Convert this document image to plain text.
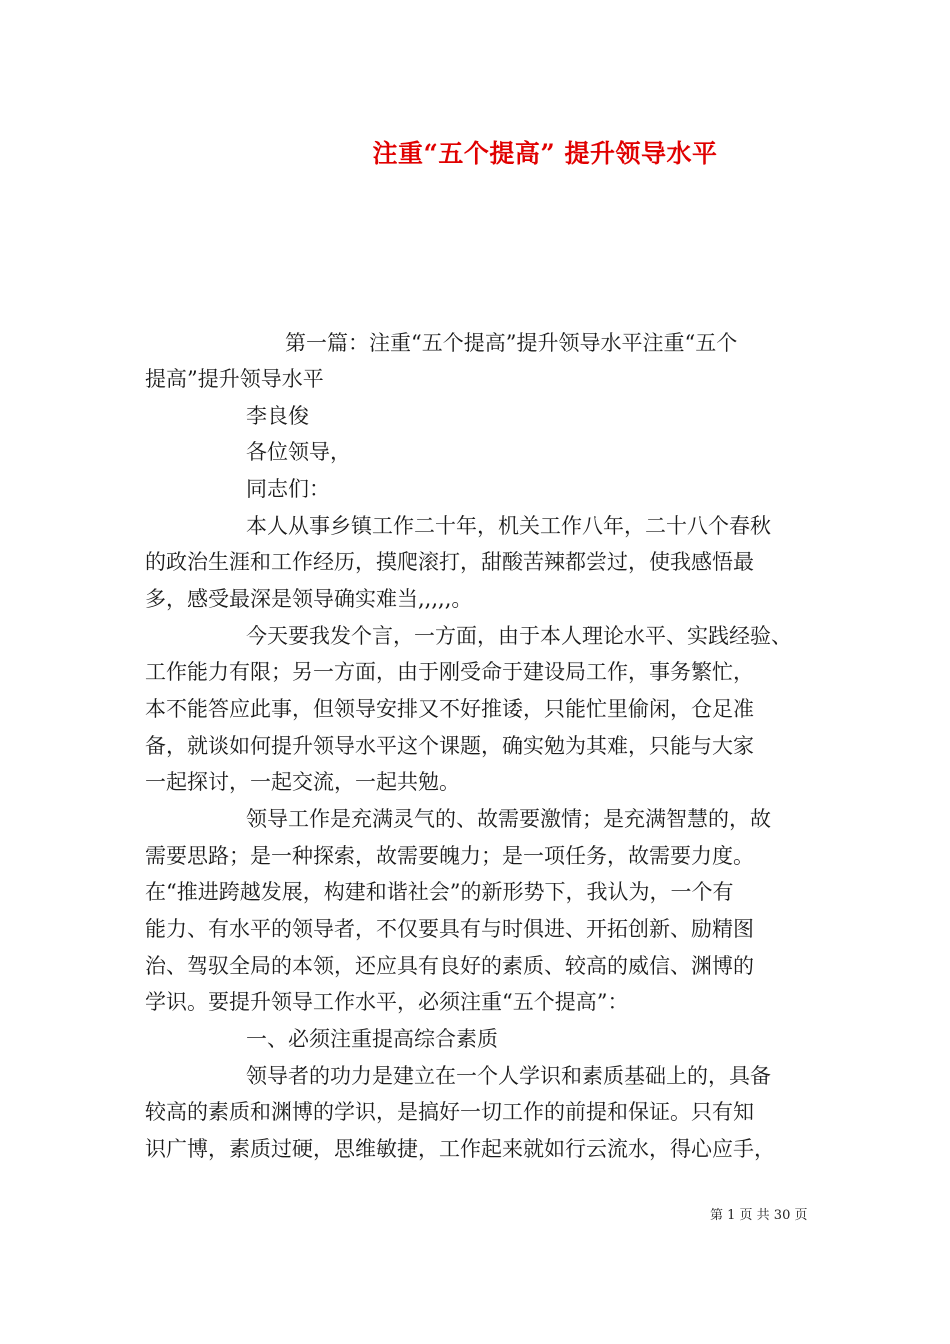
注重“五个提高” 提升领导水平
第一篇：注重“五个提高”提升领导水平注重“五个
提高”提升领导水平
李良俊
各位领导，
同志们：
本人从事乡镇工作二十年，机关工作八年，二十八个春秋
的政治生涯和工作经历，摸爬滚打，甜酸苦辣都尝过，使我感悟最
多，感受最深是领导确实难当,,,,,。
今天要我发个言，一方面，由于本人理论水平、实践经验、
工作能力有限；另一方面，由于刚受命于建设局工作，事务繁忙，
本不能答应此事，但领导安排又不好推诿，只能忙里偷闲，仓足准
备，就谈如何提升领导水平这个课题，确实勉为其难，只能与大家
一起探讨，一起交流，一起共勉。
领导工作是充满灵气的、故需要激情；是充满智慧的，故
需要思路；是一种探索，故需要魄力；是一项任务，故需要力度。
在“推进跨越发展，构建和谐社会”的新形势下，我认为，一个有
能力、有水平的领导者，不仅要具有与时俱进、开拓创新、励精图
治、驾驭全局的本领，还应具有良好的素质、较高的威信、渊博的
学识。要提升领导工作水平，必须注重“五个提高”：
一、必须注重提高综合素质
领导者的功力是建立在一个人学识和素质基础上的，具备
较高的素质和渊博的学识，是搞好一切工作的前提和保证。只有知
识广博，素质过硬，思维敏捷，工作起来就如行云流水，得心应手，
第 1 页 共 30 页
